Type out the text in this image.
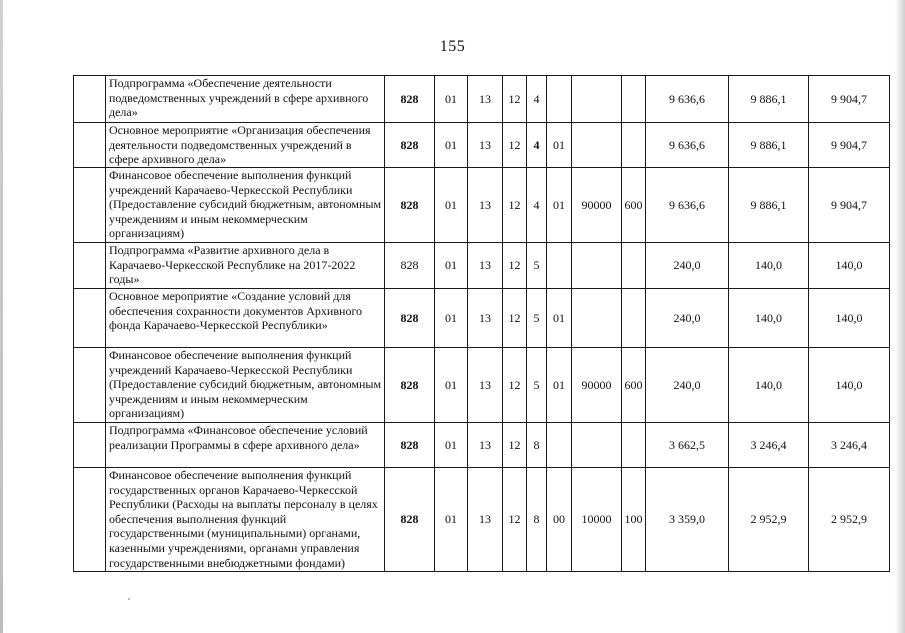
155
	Подпрограмма «Обеспечение деятельности подведомственных учреждений в сфере архивного дела»	828	01	13	12	4				9 636,6	9 886,1	9 904,7
	Основное мероприятие «Организация обеспечения деятельности подведомственных учреждений в сфере архивного дела»	828	01	13	12	4	01			9 636,6	9 886,1	9 904,7
	Финансовое обеспечение выполнения функций учреждений Карачаево-Черкесской Республики (Предоставление субсидий бюджетным, автономным учреждениям и иным некоммерческим организациям)	828	01	13	12	4	01	90000	600	9 636,6	9 886,1	9 904,7
	Подпрограмма «Развитие архивного дела в Карачаево-Черкесской Республике на 2017-2022 годы»	828	01	13	12	5				240,0	140,0	140,0
	Основное мероприятие «Создание условий для обеспечения сохранности документов Архивного фонда Карачаево-Черкесской Республики»	828	01	13	12	5	01			240,0	140,0	140,0
	Финансовое обеспечение выполнения функций учреждений Карачаево-Черкесской Республики (Предоставление субсидий бюджетным, автономным учреждениям и иным некоммерческим организациям)	828	01	13	12	5	01	90000	600	240,0	140,0	140,0
	Подпрограмма «Финансовое обеспечение условий реализации Программы в сфере архивного дела»	828	01	13	12	8				3 662,5	3 246,4	3 246,4
	Финансовое обеспечение выполнения функций государственных органов Карачаево-Черкесской Республики (Расходы на выплаты персоналу в целях обеспечения выполнения функций государственными (муниципальными) органами, казенными учреждениями, органами управления государственными внебюджетными фондами)	828	01	13	12	8	00	10000	100	3 359,0	2 952,9	2 952,9
